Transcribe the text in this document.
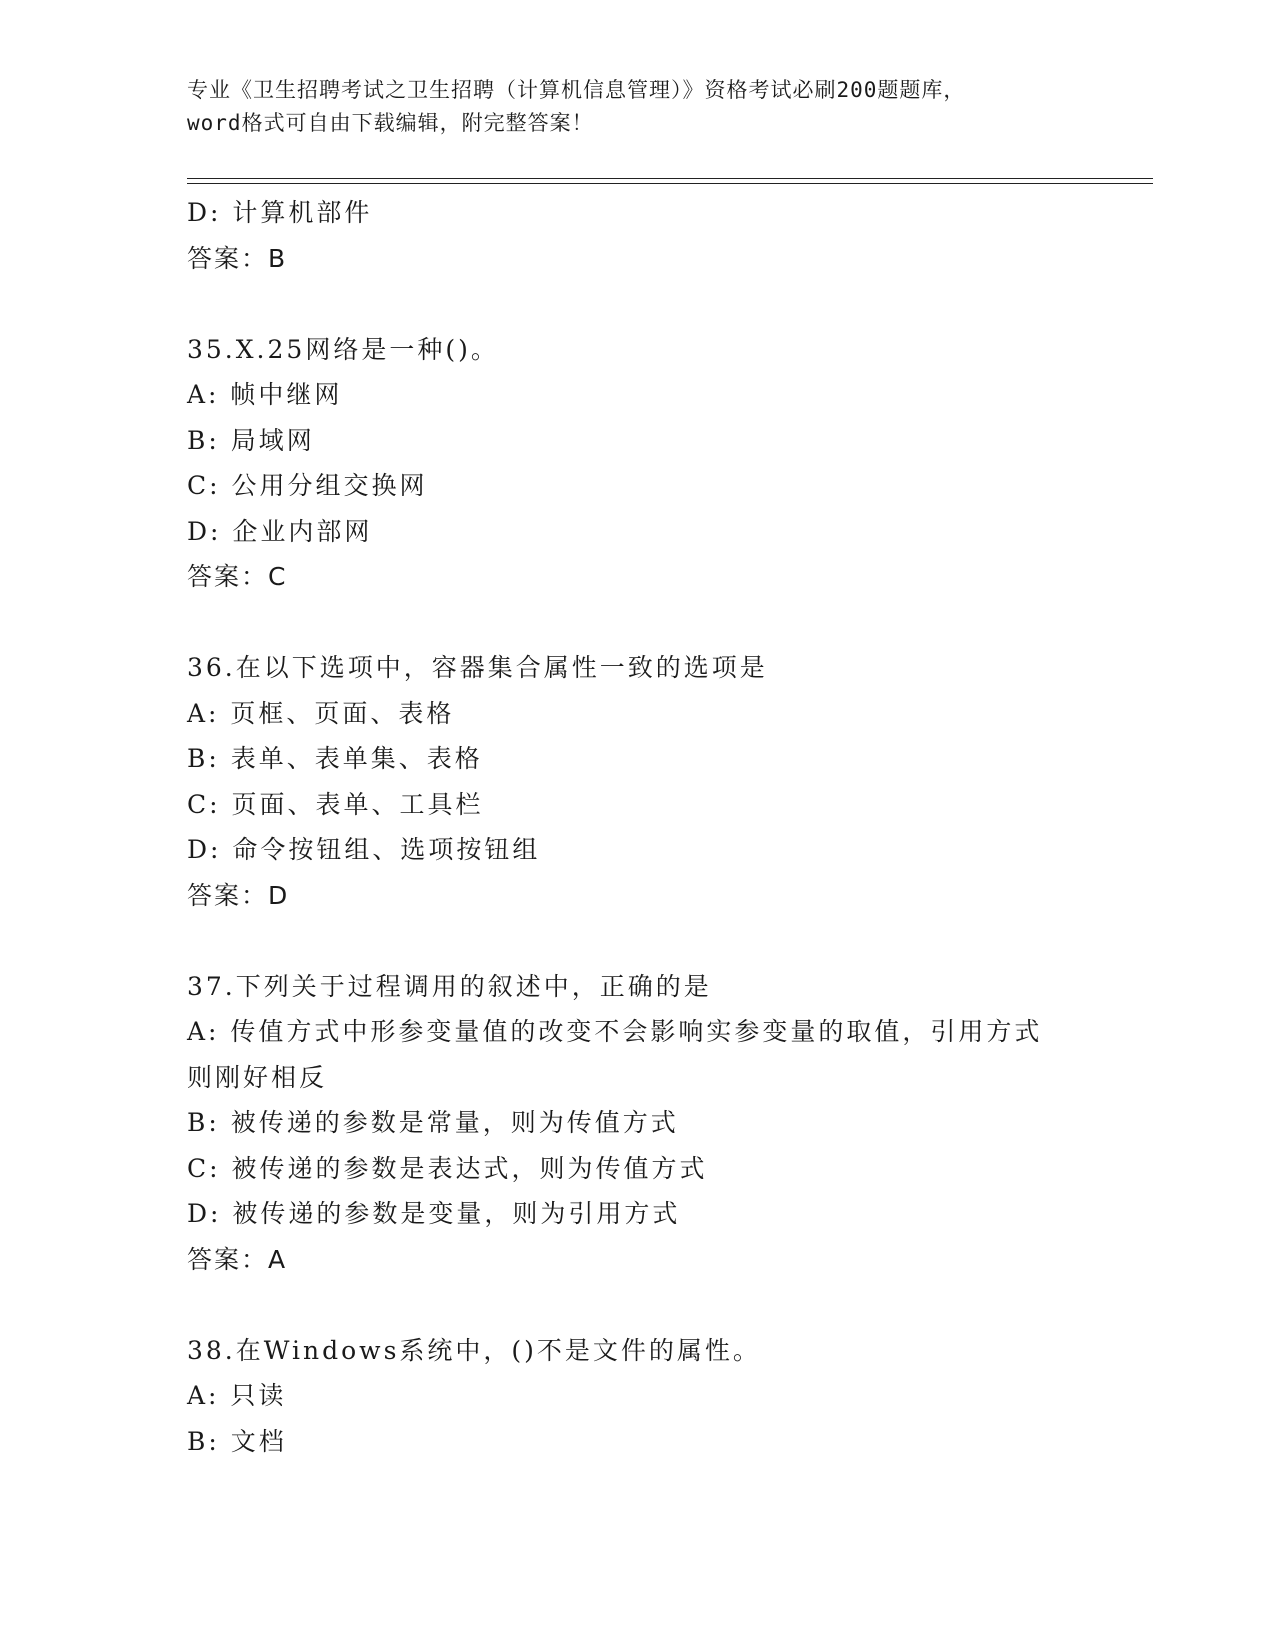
专业《卫生招聘考试之卫生招聘（计算机信息管理）》资格考试必刷200题题库，
word格式可自由下载编辑，附完整答案！
D: 计算机部件
答案：B
35.X.25网络是一种()。
A: 帧中继网
B: 局域网
C: 公用分组交换网
D: 企业内部网
答案：C
36.在以下选项中，容器集合属性一致的选项是
A: 页框、页面、表格
B: 表单、表单集、表格
C: 页面、表单、工具栏
D: 命令按钮组、选项按钮组
答案：D
37.下列关于过程调用的叙述中，正确的是
A: 传值方式中形参变量值的改变不会影响实参变量的取值，引用方式
则刚好相反
B: 被传递的参数是常量，则为传值方式
C: 被传递的参数是表达式，则为传值方式
D: 被传递的参数是变量，则为引用方式
答案：A
38.在Windows系统中，()不是文件的属性。
A: 只读
B: 文档
